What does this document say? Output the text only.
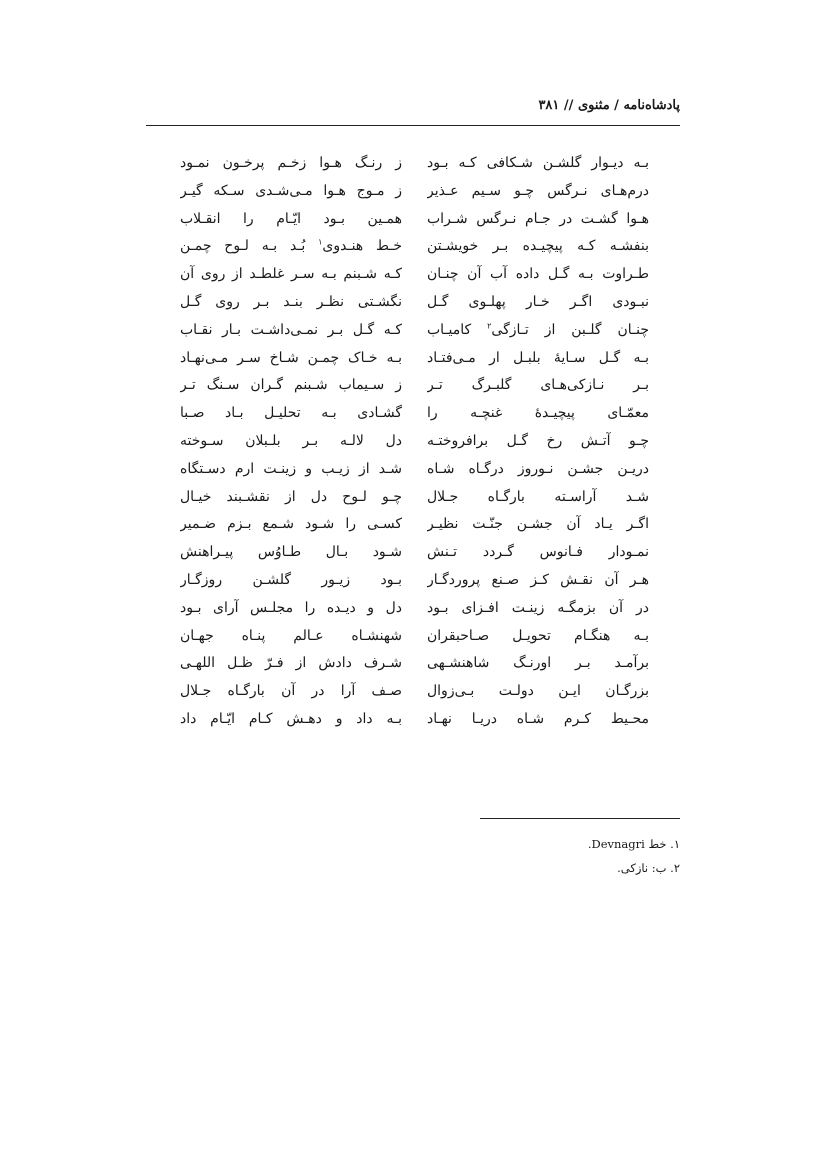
پادشاه‌نامه / مثنوی // ۳۸۱
بـه دیـوار گلشـن شـکافی کـه بـود
درم‌هـای نـرگس چـو سـیم عـذیر
هـوا گشـت در جـام نـرگس شـراب
بنفشـه کـه پیچیـده بـر خویشـتن
طـراوت بـه گـل داده آب آن چنـان
نبـودی اگـر خـار پهلـوی گـل
چنـان گلـبن از تـازگی$^۲$ کامیـاب
بـه گـل سـایهٔ بلبـل ار مـی‌فتـاد
بـر نـازکی‌هـای گلبـرگ تـر
معمّـای پیچیـدهٔ غنچـه را
چـو آتـش رخ گـل برافروختـه
دریـن جشـن نـوروز درگـاه شـاه
شـد آراسـته بارگـاه جـلال
اگـر یـاد آن جشـن جنّـت نظیـر
نمـودار فـانوس گـردد تـنش
هـر آن نقـش کـز صـنع پروردگـار
در آن بزمگـه زینـت افـزای بـود
بـه هنگـام تحویـل صـاحبقران
برآمـد بـر اورنـگ شاهنشـهی
بزرگـان ایـن دولـت بـی‌زوال
محـیط کـرم شـاه دریـا نهـاد
ز رنـگ هـوا زخـم پرخـون نمـود
ز مـوج هـوا مـی‌شـدی سـکه گیـر
همـین بـود ایّـام را انقـلاب
خـط هنـدوی$^۱$ بُـد بـه لـوح چمـن
کـه شـبنم بـه سـر غلطـد از روی آن
نگشـتی نظـر بنـد بـر روی گـل
کـه گـل بـر نمـی‌داشـت بـار نقـاب
بـه خـاک چمـن شـاخ سـر مـی‌نهـاد
ز سـیماب شـبنم گـران سـنگ تـر
گشـادی بـه تحلیـل بـاد صـبا
دل لالـه بـر بلـبلان سـوخته
شـد از زیـب و زینـت ارم دسـتگاه
چـو لـوح دل از نقشـبند خیـال
کسـی را شـود شـمع بـزم ضـمیر
شـود بـال طـاوُس پیـراهنش
بـود زیـور گلشـن روزگـار
دل و دیـده را مجلـس آرای بـود
شهنشـاه عـالم پنـاه جهـان
شـرف دادش از فـرّ ظـل اللهـی
صـف آرا در آن بارگـاه جـلال
بـه داد و دهـش کـام ایّـام داد
۱. خط Devnagri.
۲. ب: نازکی.
